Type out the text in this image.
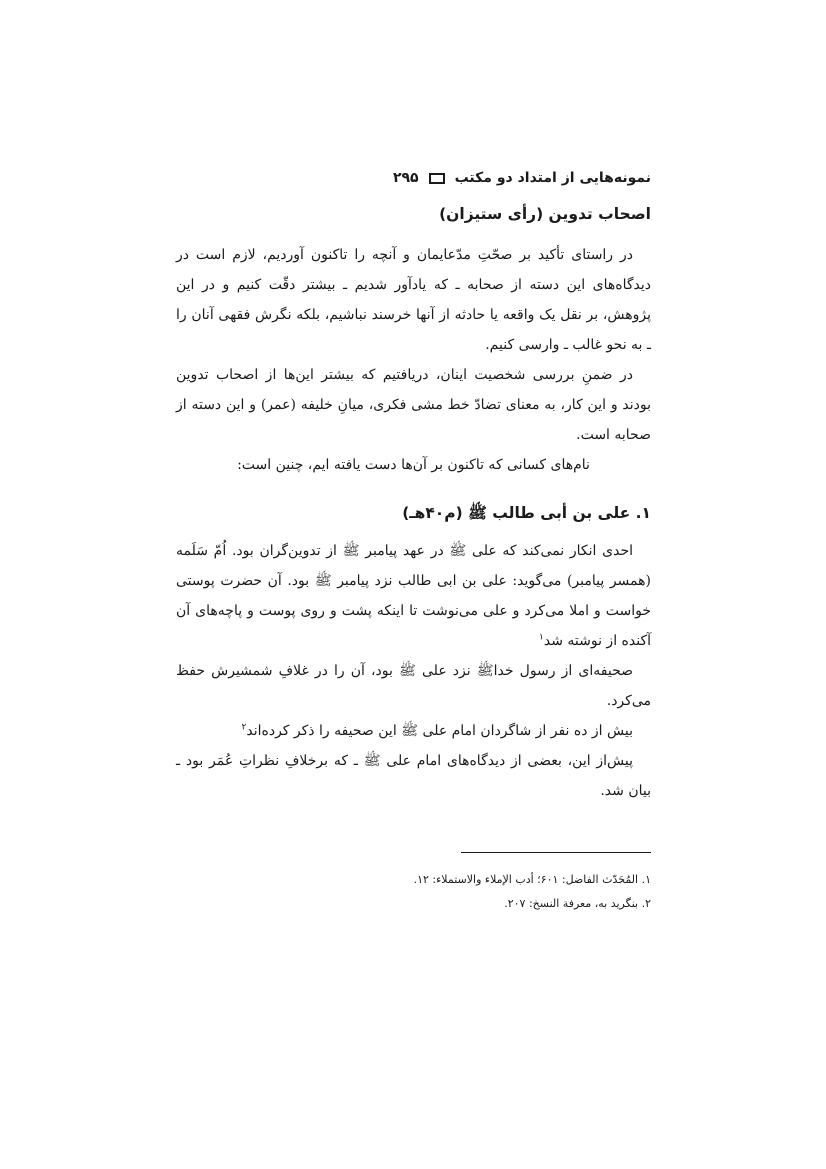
نمونه‌هایی از امتداد دو مکتب
۲۹۵

اصحاب تدوین (رأی ستیزان)

در راستای تأکید بر صحّتِ مدّعایمان و آنچه را تاکنون آوردیم، لازم است در دیدگاه‌های این دسته از صحابه ـ که یادآور شدیم ـ بیشتر دقّت کنیم و در این پژوهش، بر نقل یک واقعه یا حادثه از آنها خرسند نباشیم، بلکه نگرش فقهی آنان را ـ به نحو غالب ـ وارسی کنیم.

در ضمنِ بررسی شخصیت اینان، دریافتیم که بیشتر این‌ها از اصحاب تدوین بودند و این کار، به معنای تضادّ خط مشی فکری، میانِ خلیفه (عمر) و این دسته از صحابه است.

نام‌های کسانی که تاکنون بر آن‌ها دست یافته ایم، چنین است:

۱. علی بن أبی طالب ﷺ (م۴۰هـ)

احدی انکار نمی‌کند که علی ﷺ در عهد پیامبر ﷺ از تدوین‌گران بود. اُمّ سَلَمه (همسر پیامبر) می‌گوید: علی بن ابی طالب نزد پیامبر ﷺ بود. آن حضرت پوستی خواست و املا می‌کرد و علی می‌نوشت تا اینکه پشت و روی پوست و پاچه‌های آن آکنده از نوشته شد$^۱$

صحیفه‌ای از رسول خداﷺ نزد علی ﷺ بود، آن را در غلافِ شمشیرش حفظ می‌کرد.

بیش از ده نفر از شاگردان امام علی ﷺ این صحیفه را ذکر کرده‌اند$^۲$

پیش‌از این، بعضی از دیدگاه‌های امام علی ﷺ ـ که برخلافِ نظراتِ عُمَر بود ـ بیان شد.

۱. المُحَدّث الفاضل: ۶۰۱؛ أدب الإملاء والاستملاء: ۱۲.

۲. بنگرید به، معرفة النسخ: ۲۰۷.
